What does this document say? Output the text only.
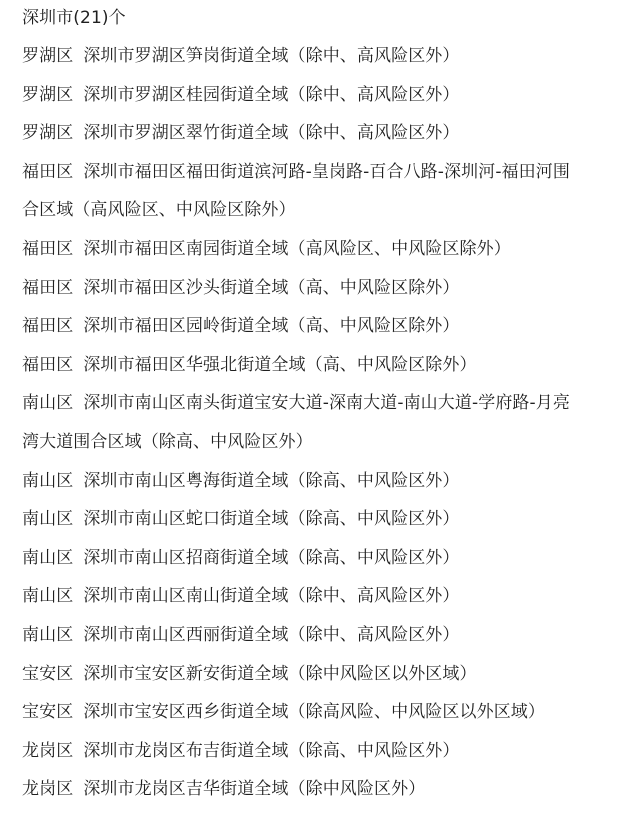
深圳市(21)个
罗湖区 深圳市罗湖区笋岗街道全域（除中、高风险区外）
罗湖区 深圳市罗湖区桂园街道全域（除中、高风险区外）
罗湖区 深圳市罗湖区翠竹街道全域（除中、高风险区外）
福田区 深圳市福田区福田街道滨河路-皇岗路-百合八路-深圳河-福田河围
合区域（高风险区、中风险区除外）
福田区 深圳市福田区南园街道全域（高风险区、中风险区除外）
福田区 深圳市福田区沙头街道全域（高、中风险区除外）
福田区 深圳市福田区园岭街道全域（高、中风险区除外）
福田区 深圳市福田区华强北街道全域（高、中风险区除外）
南山区 深圳市南山区南头街道宝安大道-深南大道-南山大道-学府路-月亮
湾大道围合区域（除高、中风险区外）
南山区 深圳市南山区粤海街道全域（除高、中风险区外）
南山区 深圳市南山区蛇口街道全域（除高、中风险区外）
南山区 深圳市南山区招商街道全域（除高、中风险区外）
南山区 深圳市南山区南山街道全域（除中、高风险区外）
南山区 深圳市南山区西丽街道全域（除中、高风险区外）
宝安区 深圳市宝安区新安街道全域（除中风险区以外区域）
宝安区 深圳市宝安区西乡街道全域（除高风险、中风险区以外区域）
龙岗区 深圳市龙岗区布吉街道全域（除高、中风险区外）
龙岗区 深圳市龙岗区吉华街道全域（除中风险区外）
